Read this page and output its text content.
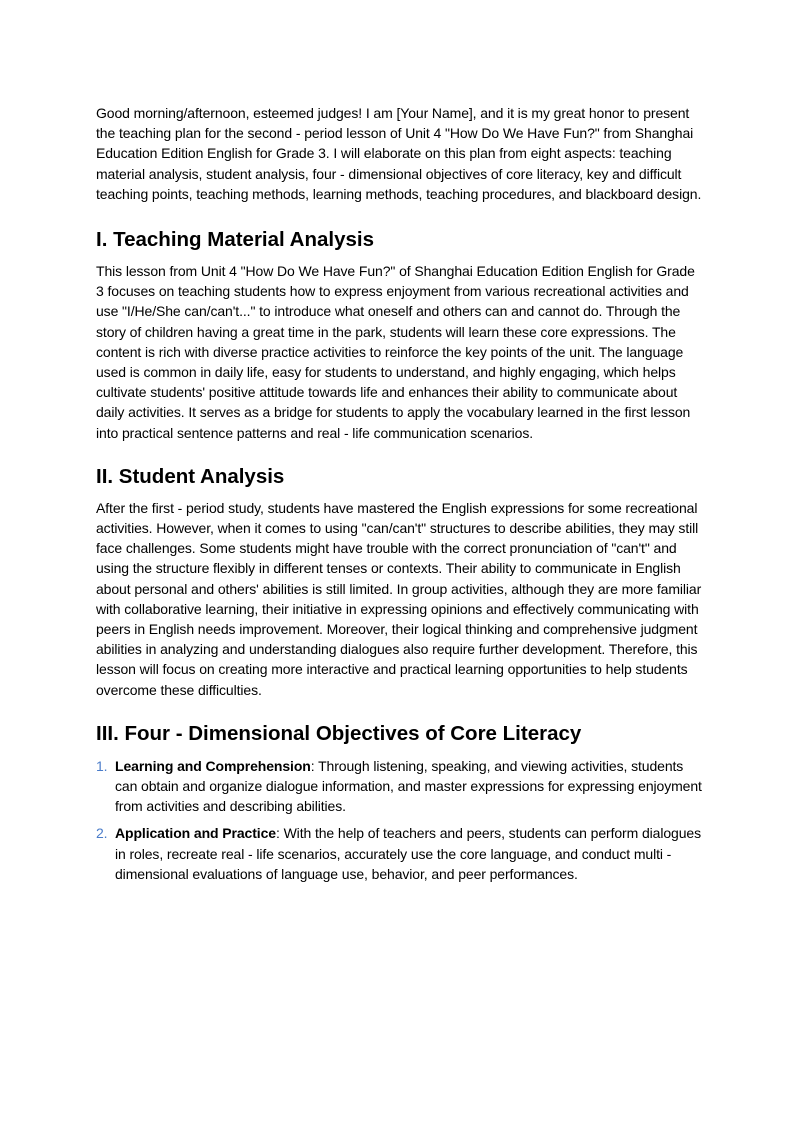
Good morning/afternoon, esteemed judges! I am [Your Name], and it is my great honor to present the teaching plan for the second - period lesson of Unit 4 "How Do We Have Fun?" from Shanghai Education Edition English for Grade 3. I will elaborate on this plan from eight aspects: teaching material analysis, student analysis, four - dimensional objectives of core literacy, key and difficult teaching points, teaching methods, learning methods, teaching procedures, and blackboard design.

I. Teaching Material Analysis

This lesson from Unit 4 "How Do We Have Fun?" of Shanghai Education Edition English for Grade 3 focuses on teaching students how to express enjoyment from various recreational activities and use "I/He/She can/can't..." to introduce what oneself and others can and cannot do. Through the story of children having a great time in the park, students will learn these core expressions. The content is rich with diverse practice activities to reinforce the key points of the unit. The language used is common in daily life, easy for students to understand, and highly engaging, which helps cultivate students' positive attitude towards life and enhances their ability to communicate about daily activities. It serves as a bridge for students to apply the vocabulary learned in the first lesson into practical sentence patterns and real - life communication scenarios.

II. Student Analysis

After the first - period study, students have mastered the English expressions for some recreational activities. However, when it comes to using "can/can't" structures to describe abilities, they may still face challenges. Some students might have trouble with the correct pronunciation of "can't" and using the structure flexibly in different tenses or contexts. Their ability to communicate in English about personal and others' abilities is still limited. In group activities, although they are more familiar with collaborative learning, their initiative in expressing opinions and effectively communicating with peers in English needs improvement. Moreover, their logical thinking and comprehensive judgment abilities in analyzing and understanding dialogues also require further development. Therefore, this lesson will focus on creating more interactive and practical learning opportunities to help students overcome these difficulties.

III. Four - Dimensional Objectives of Core Literacy
1. Learning and Comprehension: Through listening, speaking, and viewing activities, students can obtain and organize dialogue information, and master expressions for expressing enjoyment from activities and describing abilities.
2. Application and Practice: With the help of teachers and peers, students can perform dialogues in roles, recreate real - life scenarios, accurately use the core language, and conduct multi - dimensional evaluations of language use, behavior, and peer performances.
